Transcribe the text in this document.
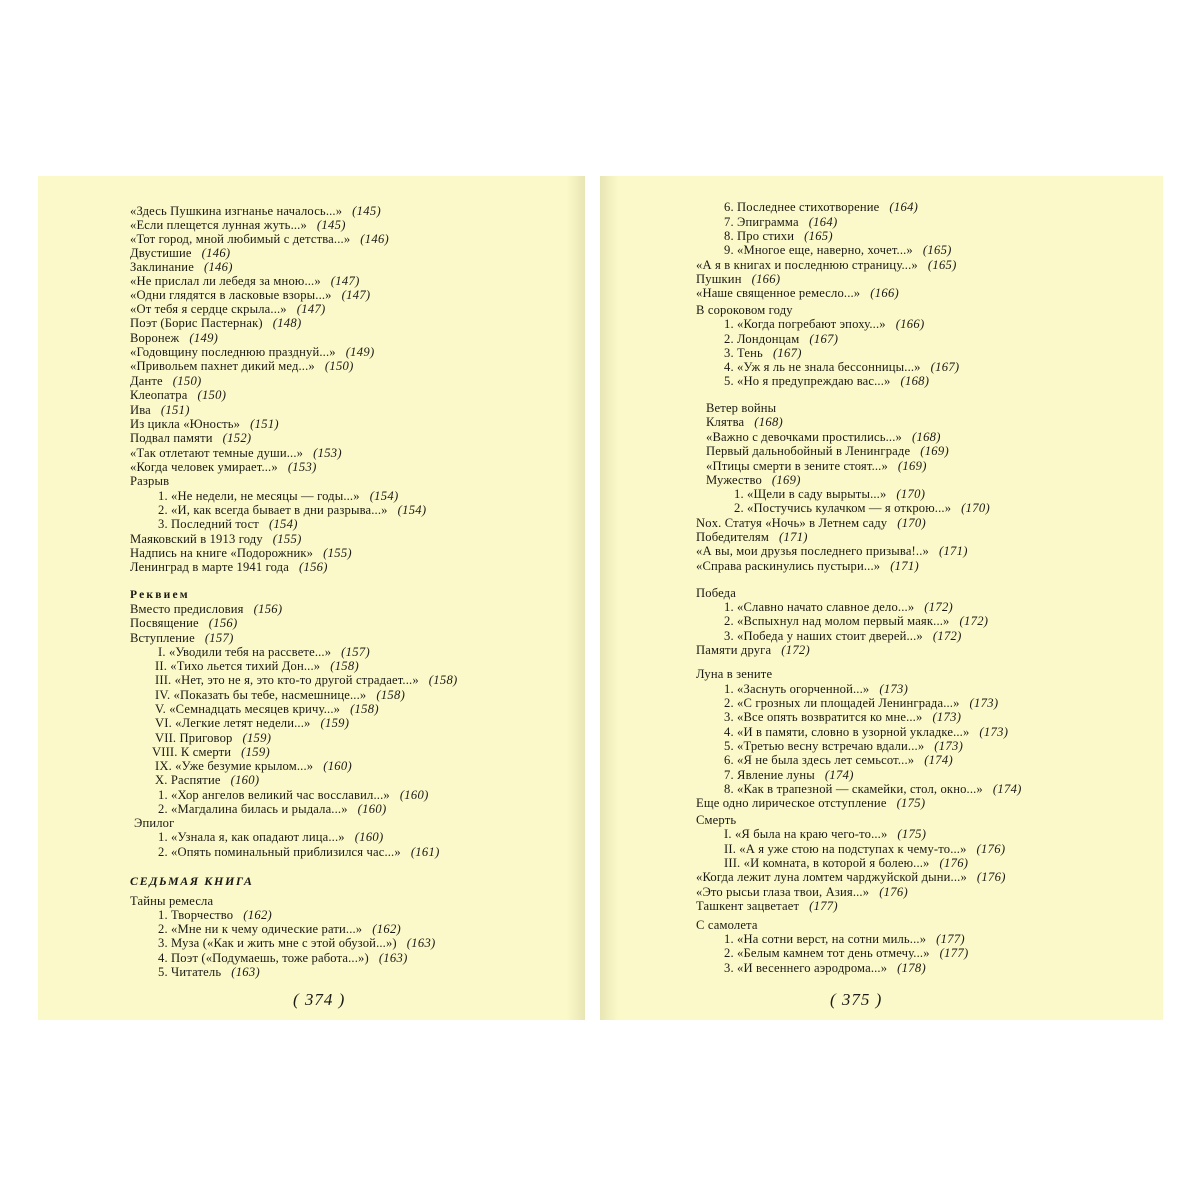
«Здесь Пушкина изгнанье началось...» (145)
«Если плещется лунная жуть...» (145)
«Тот город, мной любимый с детства...» (146)
Двустишие (146)
Заклинание (146)
«Не прислал ли лебедя за мною...» (147)
«Одни глядятся в ласковые взоры...» (147)
«От тебя я сердце скрыла...» (147)
Поэт (Борис Пастернак) (148)
Воронеж (149)
«Годовщину последнюю празднуй...» (149)
«Привольем пахнет дикий мед...» (150)
Данте (150)
Клеопатра (150)
Ива (151)
Из цикла «Юность» (151)
Подвал памяти (152)
«Так отлетают темные души...» (153)
«Когда человек умирает...» (153)
Разрыв
1. «Не недели, не месяцы — годы...» (154)
2. «И, как всегда бывает в дни разрыва...» (154)
3. Последний тост (154)
Маяковский в 1913 году (155)
Надпись на книге «Подорожник» (155)
Ленинград в марте 1941 года (156)
Реквием
Вместо предисловия (156)
Посвящение (156)
Вступление (157)
I. «Уводили тебя на рассвете...» (157)
II. «Тихо льется тихий Дон...» (158)
III. «Нет, это не я, это кто-то другой страдает...» (158)
IV. «Показать бы тебе, насмешнице...» (158)
V. «Семнадцать месяцев кричу...» (158)
VI. «Легкие летят недели...» (159)
VII. Приговор (159)
VIII. К смерти (159)
IX. «Уже безумие крылом...» (160)
X. Распятие (160)
1. «Хор ангелов великий час восславил...» (160)
2. «Магдалина билась и рыдала...» (160)
Эпилог
1. «Узнала я, как опадают лица...» (160)
2. «Опять поминальный приблизился час...» (161)
СЕДЬМАЯ КНИГА
Тайны ремесла
1. Творчество (162)
2. «Мне ни к чему одические рати...» (162)
3. Муза («Как и жить мне с этой обузой...») (163)
4. Поэт («Подумаешь, тоже работа...») (163)
5. Читатель (163)
( 374 )
6. Последнее стихотворение (164)
7. Эпиграмма (164)
8. Про стихи (165)
9. «Многое еще, наверно, хочет...» (165)
«А я в книгах и последнюю страницу...» (165)
Пушкин (166)
«Наше священное ремесло...» (166)
В сороковом году
1. «Когда погребают эпоху...» (166)
2. Лондонцам (167)
3. Тень (167)
4. «Уж я ль не знала бессонницы...» (167)
5. «Но я предупреждаю вас...» (168)
Ветер войны
Клятва (168)
«Важно с девочками простились...» (168)
Первый дальнобойный в Ленинграде (169)
«Птицы смерти в зените стоят...» (169)
Мужество (169)
1. «Щели в саду вырыты...» (170)
2. «Постучись кулачком — я открою...» (170)
Nox. Статуя «Ночь» в Летнем саду (170)
Победителям (171)
«А вы, мои друзья последнего призыва!..» (171)
«Справа раскинулись пустыри...» (171)
Победа
1. «Славно начато славное дело...» (172)
2. «Вспыхнул над молом первый маяк...» (172)
3. «Победа у наших стоит дверей...» (172)
Памяти друга (172)
Луна в зените
1. «Заснуть огорченной...» (173)
2. «С грозных ли площадей Ленинграда...» (173)
3. «Все опять возвратится ко мне...» (173)
4. «И в памяти, словно в узорной укладке...» (173)
5. «Третью весну встречаю вдали...» (173)
6. «Я не была здесь лет семьсот...» (174)
7. Явление луны (174)
8. «Как в трапезной — скамейки, стол, окно...» (174)
Еще одно лирическое отступление (175)
Смерть
I. «Я была на краю чего-то...» (175)
II. «А я уже стою на подступах к чему-то...» (176)
III. «И комната, в которой я болею...» (176)
«Когда лежит луна ломтем чарджуйской дыни...» (176)
«Это рысьи глаза твои, Азия...» (176)
Ташкент зацветает (177)
С самолета
1. «На сотни верст, на сотни миль...» (177)
2. «Белым камнем тот день отмечу...» (177)
3. «И весеннего аэродрома...» (178)
( 375 )
